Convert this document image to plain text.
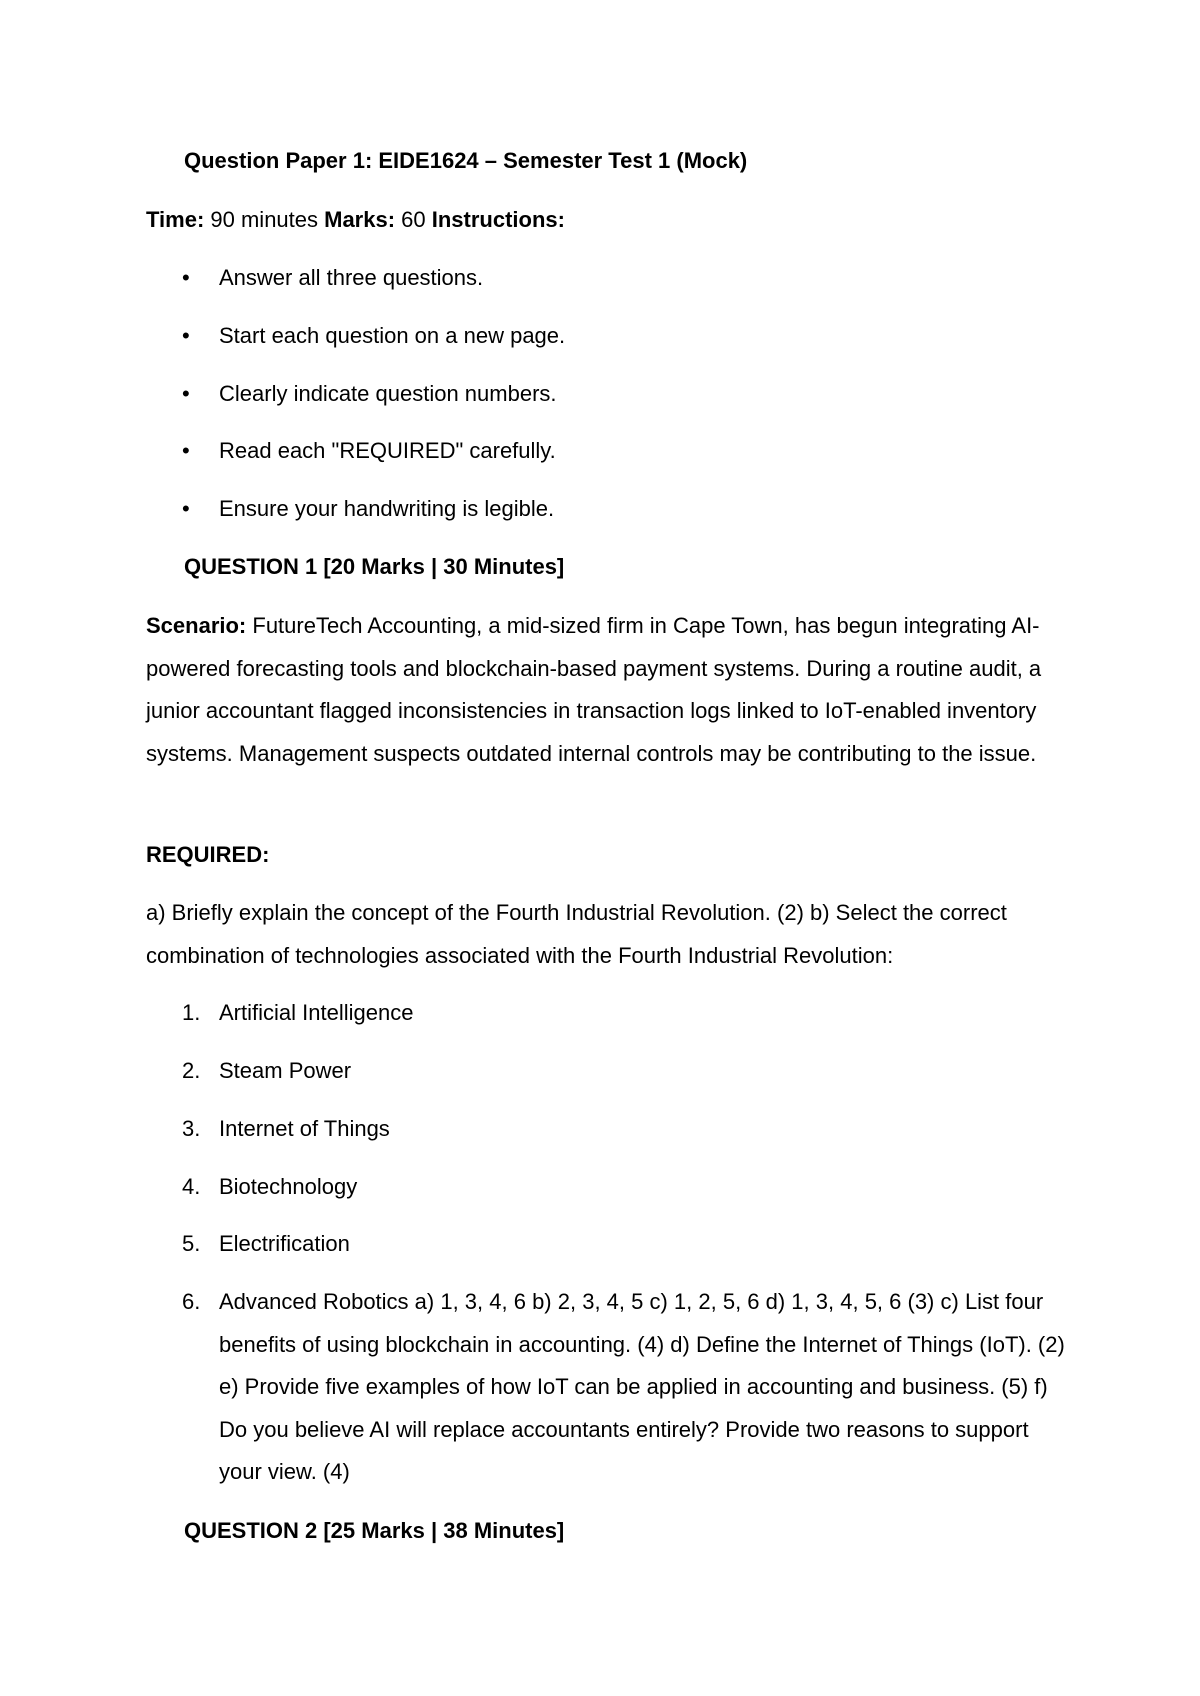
Question Paper 1: EIDE1624 – Semester Test 1 (Mock)

Time: 90 minutes Marks: 60 Instructions:

• Answer all three questions.

• Start each question on a new page.

• Clearly indicate question numbers.

• Read each "REQUIRED" carefully.

• Ensure your handwriting is legible.

QUESTION 1 [20 Marks | 30 Minutes]

Scenario: FutureTech Accounting, a mid-sized firm in Cape Town, has begun integrating AI-powered forecasting tools and blockchain-based payment systems. During a routine audit, a junior accountant flagged inconsistencies in transaction logs linked to IoT-enabled inventory systems. Management suspects outdated internal controls may be contributing to the issue.

REQUIRED:

a) Briefly explain the concept of the Fourth Industrial Revolution. (2) b) Select the correct combination of technologies associated with the Fourth Industrial Revolution:

1. Artificial Intelligence

2. Steam Power

3. Internet of Things

4. Biotechnology

5. Electrification

6. Advanced Robotics a) 1, 3, 4, 6 b) 2, 3, 4, 5 c) 1, 2, 5, 6 d) 1, 3, 4, 5, 6 (3) c) List four benefits of using blockchain in accounting. (4) d) Define the Internet of Things (IoT). (2) e) Provide five examples of how IoT can be applied in accounting and business. (5) f) Do you believe AI will replace accountants entirely? Provide two reasons to support your view. (4)

QUESTION 2 [25 Marks | 38 Minutes]
